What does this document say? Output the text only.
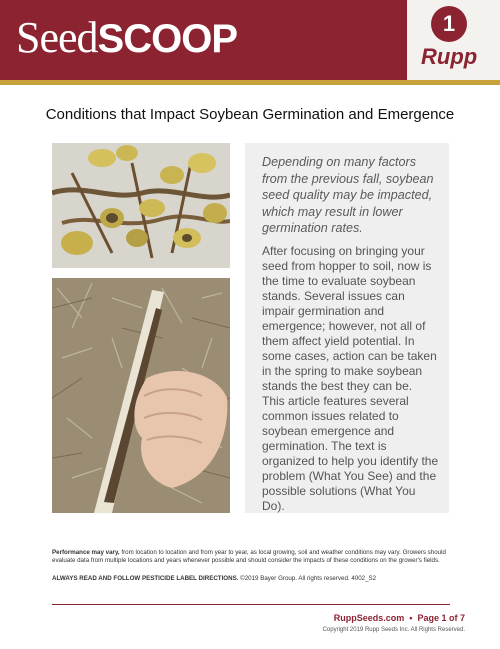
SeedSCOOP	1
Rupp
Conditions that Impact Soybean Germination and Emergence
Depending on many factors from the previous fall, soybean seed quality may be impacted, which may result in lower germination rates.
After focusing on bringing your seed from hopper to soil, now is the time to evaluate soybean stands. Several issues can impair germination and emergence; however, not all of them affect yield potential. In some cases, action can be taken in the spring to make soybean stands the best they can be.
This article features several common issues related to soybean emergence and germination. The text is organized to help you identify the problem (What You See) and the possible solutions (What You Do).
Performance may vary, from location to location and from year to year, as local growing, soil and weather conditions may vary. Growers should evaluate data from multiple locations and years whenever possible and should consider the impacts of these conditions on the grower's fields.
ALWAYS READ AND FOLLOW PESTICIDE LABEL DIRECTIONS. ©2019 Bayer Group. All rights reserved. 4002_S2
RuppSeeds.com • Page 1 of 7
Copyright 2019 Rupp Seeds Inc. All Rights Reserved.
